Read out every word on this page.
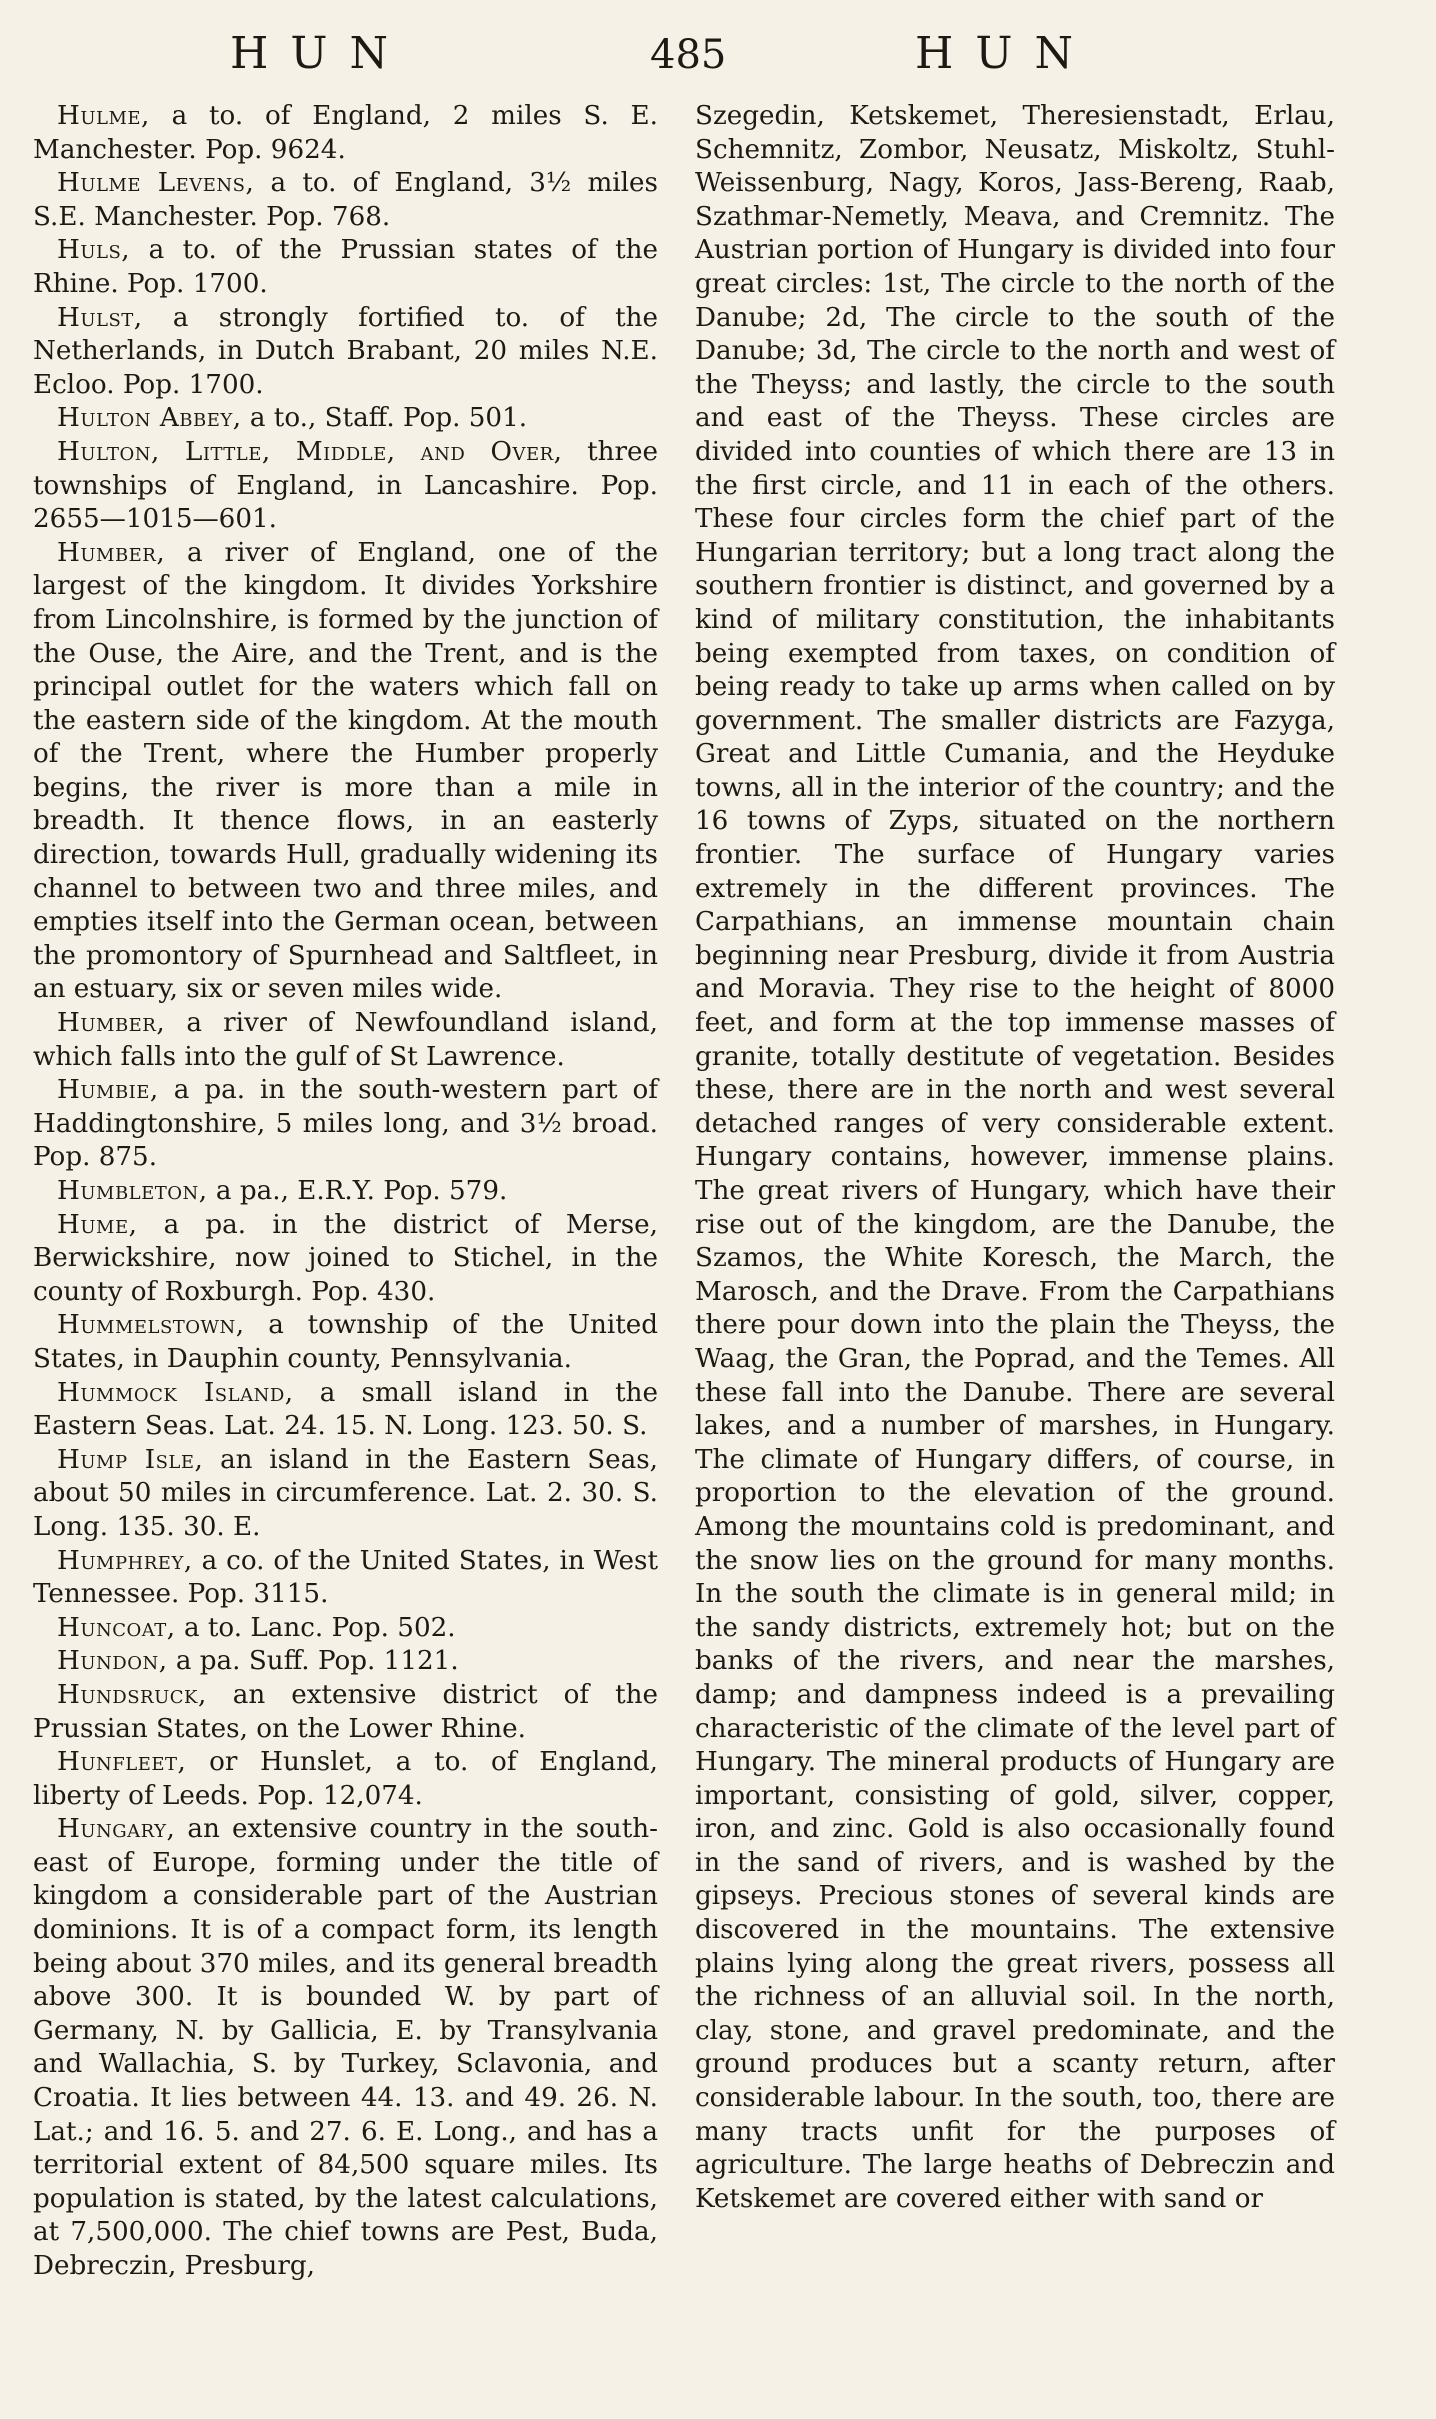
HUN	485	HUN

Hulme, a to. of England, 2 miles S. E. Manchester. Pop. 9624.

Hulme Levens, a to. of England, 3½ miles S.E. Manchester. Pop. 768.

Huls, a to. of the Prussian states of the Rhine. Pop. 1700.

Hulst, a strongly fortified to. of the Netherlands, in Dutch Brabant, 20 miles N.E. Ecloo. Pop. 1700.

Hulton Abbey, a to., Staff. Pop. 501.

Hulton, Little, Middle, and Over, three townships of England, in Lancashire. Pop. 2655—1015—601.

Humber, a river of England, one of the largest of the kingdom. It divides Yorkshire from Lincolnshire, is formed by the junction of the Ouse, the Aire, and the Trent, and is the principal outlet for the waters which fall on the eastern side of the kingdom. At the mouth of the Trent, where the Humber properly begins, the river is more than a mile in breadth. It thence flows, in an easterly direction, towards Hull, gradually widening its channel to between two and three miles, and empties itself into the German ocean, between the promontory of Spurnhead and Saltfleet, in an estuary, six or seven miles wide.

Humber, a river of Newfoundland island, which falls into the gulf of St Lawrence.

Humbie, a pa. in the south-western part of Haddingtonshire, 5 miles long, and 3½ broad. Pop. 875.

Humbleton, a pa., E.R.Y. Pop. 579.

Hume, a pa. in the district of Merse, Berwickshire, now joined to Stichel, in the county of Roxburgh. Pop. 430.

Hummelstown, a township of the United States, in Dauphin county, Pennsylvania.

Hummock Island, a small island in the Eastern Seas. Lat. 24. 15. N. Long. 123. 50. S.

Hump Isle, an island in the Eastern Seas, about 50 miles in circumference. Lat. 2. 30. S. Long. 135. 30. E.

Humphrey, a co. of the United States, in West Tennessee. Pop. 3115.

Huncoat, a to. Lanc. Pop. 502.

Hundon, a pa. Suff. Pop. 1121.

Hundsruck, an extensive district of the Prussian States, on the Lower Rhine.

Hunfleet, or Hunslet, a to. of England, liberty of Leeds. Pop. 12,074.

Hungary, an extensive country in the south-east of Europe, forming under the title of kingdom a considerable part of the Austrian dominions. It is of a compact form, its length being about 370 miles, and its general breadth above 300. It is bounded W. by part of Germany, N. by Gallicia, E. by Transylvania and Wallachia, S. by Turkey, Sclavonia, and Croatia. It lies between 44. 13. and 49. 26. N. Lat.; and 16. 5. and 27. 6. E. Long., and has a territorial extent of 84,500 square miles. Its population is stated, by the latest calculations, at 7,500,000. The chief towns are Pest, Buda, Debreczin, Presburg,

Szegedin, Ketskemet, Theresienstadt, Erlau, Schemnitz, Zombor, Neusatz, Miskoltz, Stuhl-Weissenburg, Nagy, Koros, Jass-Bereng, Raab, Szathmar-Nemetly, Meava, and Cremnitz. The Austrian portion of Hungary is divided into four great circles: 1st, The circle to the north of the Danube; 2d, The circle to the south of the Danube; 3d, The circle to the north and west of the Theyss; and lastly, the circle to the south and east of the Theyss. These circles are divided into counties of which there are 13 in the first circle, and 11 in each of the others. These four circles form the chief part of the Hungarian territory; but a long tract along the southern frontier is distinct, and governed by a kind of military constitution, the inhabitants being exempted from taxes, on condition of being ready to take up arms when called on by government. The smaller districts are Fazyga, Great and Little Cumania, and the Heyduke towns, all in the interior of the country; and the 16 towns of Zyps, situated on the northern frontier. The surface of Hungary varies extremely in the different provinces. The Carpathians, an immense mountain chain beginning near Presburg, divide it from Austria and Moravia. They rise to the height of 8000 feet, and form at the top immense masses of granite, totally destitute of vegetation. Besides these, there are in the north and west several detached ranges of very considerable extent. Hungary contains, however, immense plains. The great rivers of Hungary, which have their rise out of the kingdom, are the Danube, the Szamos, the White Koresch, the March, the Marosch, and the Drave. From the Carpathians there pour down into the plain the Theyss, the Waag, the Gran, the Poprad, and the Temes. All these fall into the Danube. There are several lakes, and a number of marshes, in Hungary. The climate of Hungary differs, of course, in proportion to the elevation of the ground. Among the mountains cold is predominant, and the snow lies on the ground for many months. In the south the climate is in general mild; in the sandy districts, extremely hot; but on the banks of the rivers, and near the marshes, damp; and dampness indeed is a prevailing characteristic of the climate of the level part of Hungary. The mineral products of Hungary are important, consisting of gold, silver, copper, iron, and zinc. Gold is also occasionally found in the sand of rivers, and is washed by the gipseys. Precious stones of several kinds are discovered in the mountains. The extensive plains lying along the great rivers, possess all the richness of an alluvial soil. In the north, clay, stone, and gravel predominate, and the ground produces but a scanty return, after considerable labour. In the south, too, there are many tracts unfit for the purposes of agriculture. The large heaths of Debreczin and Ketskemet are covered either with sand or
